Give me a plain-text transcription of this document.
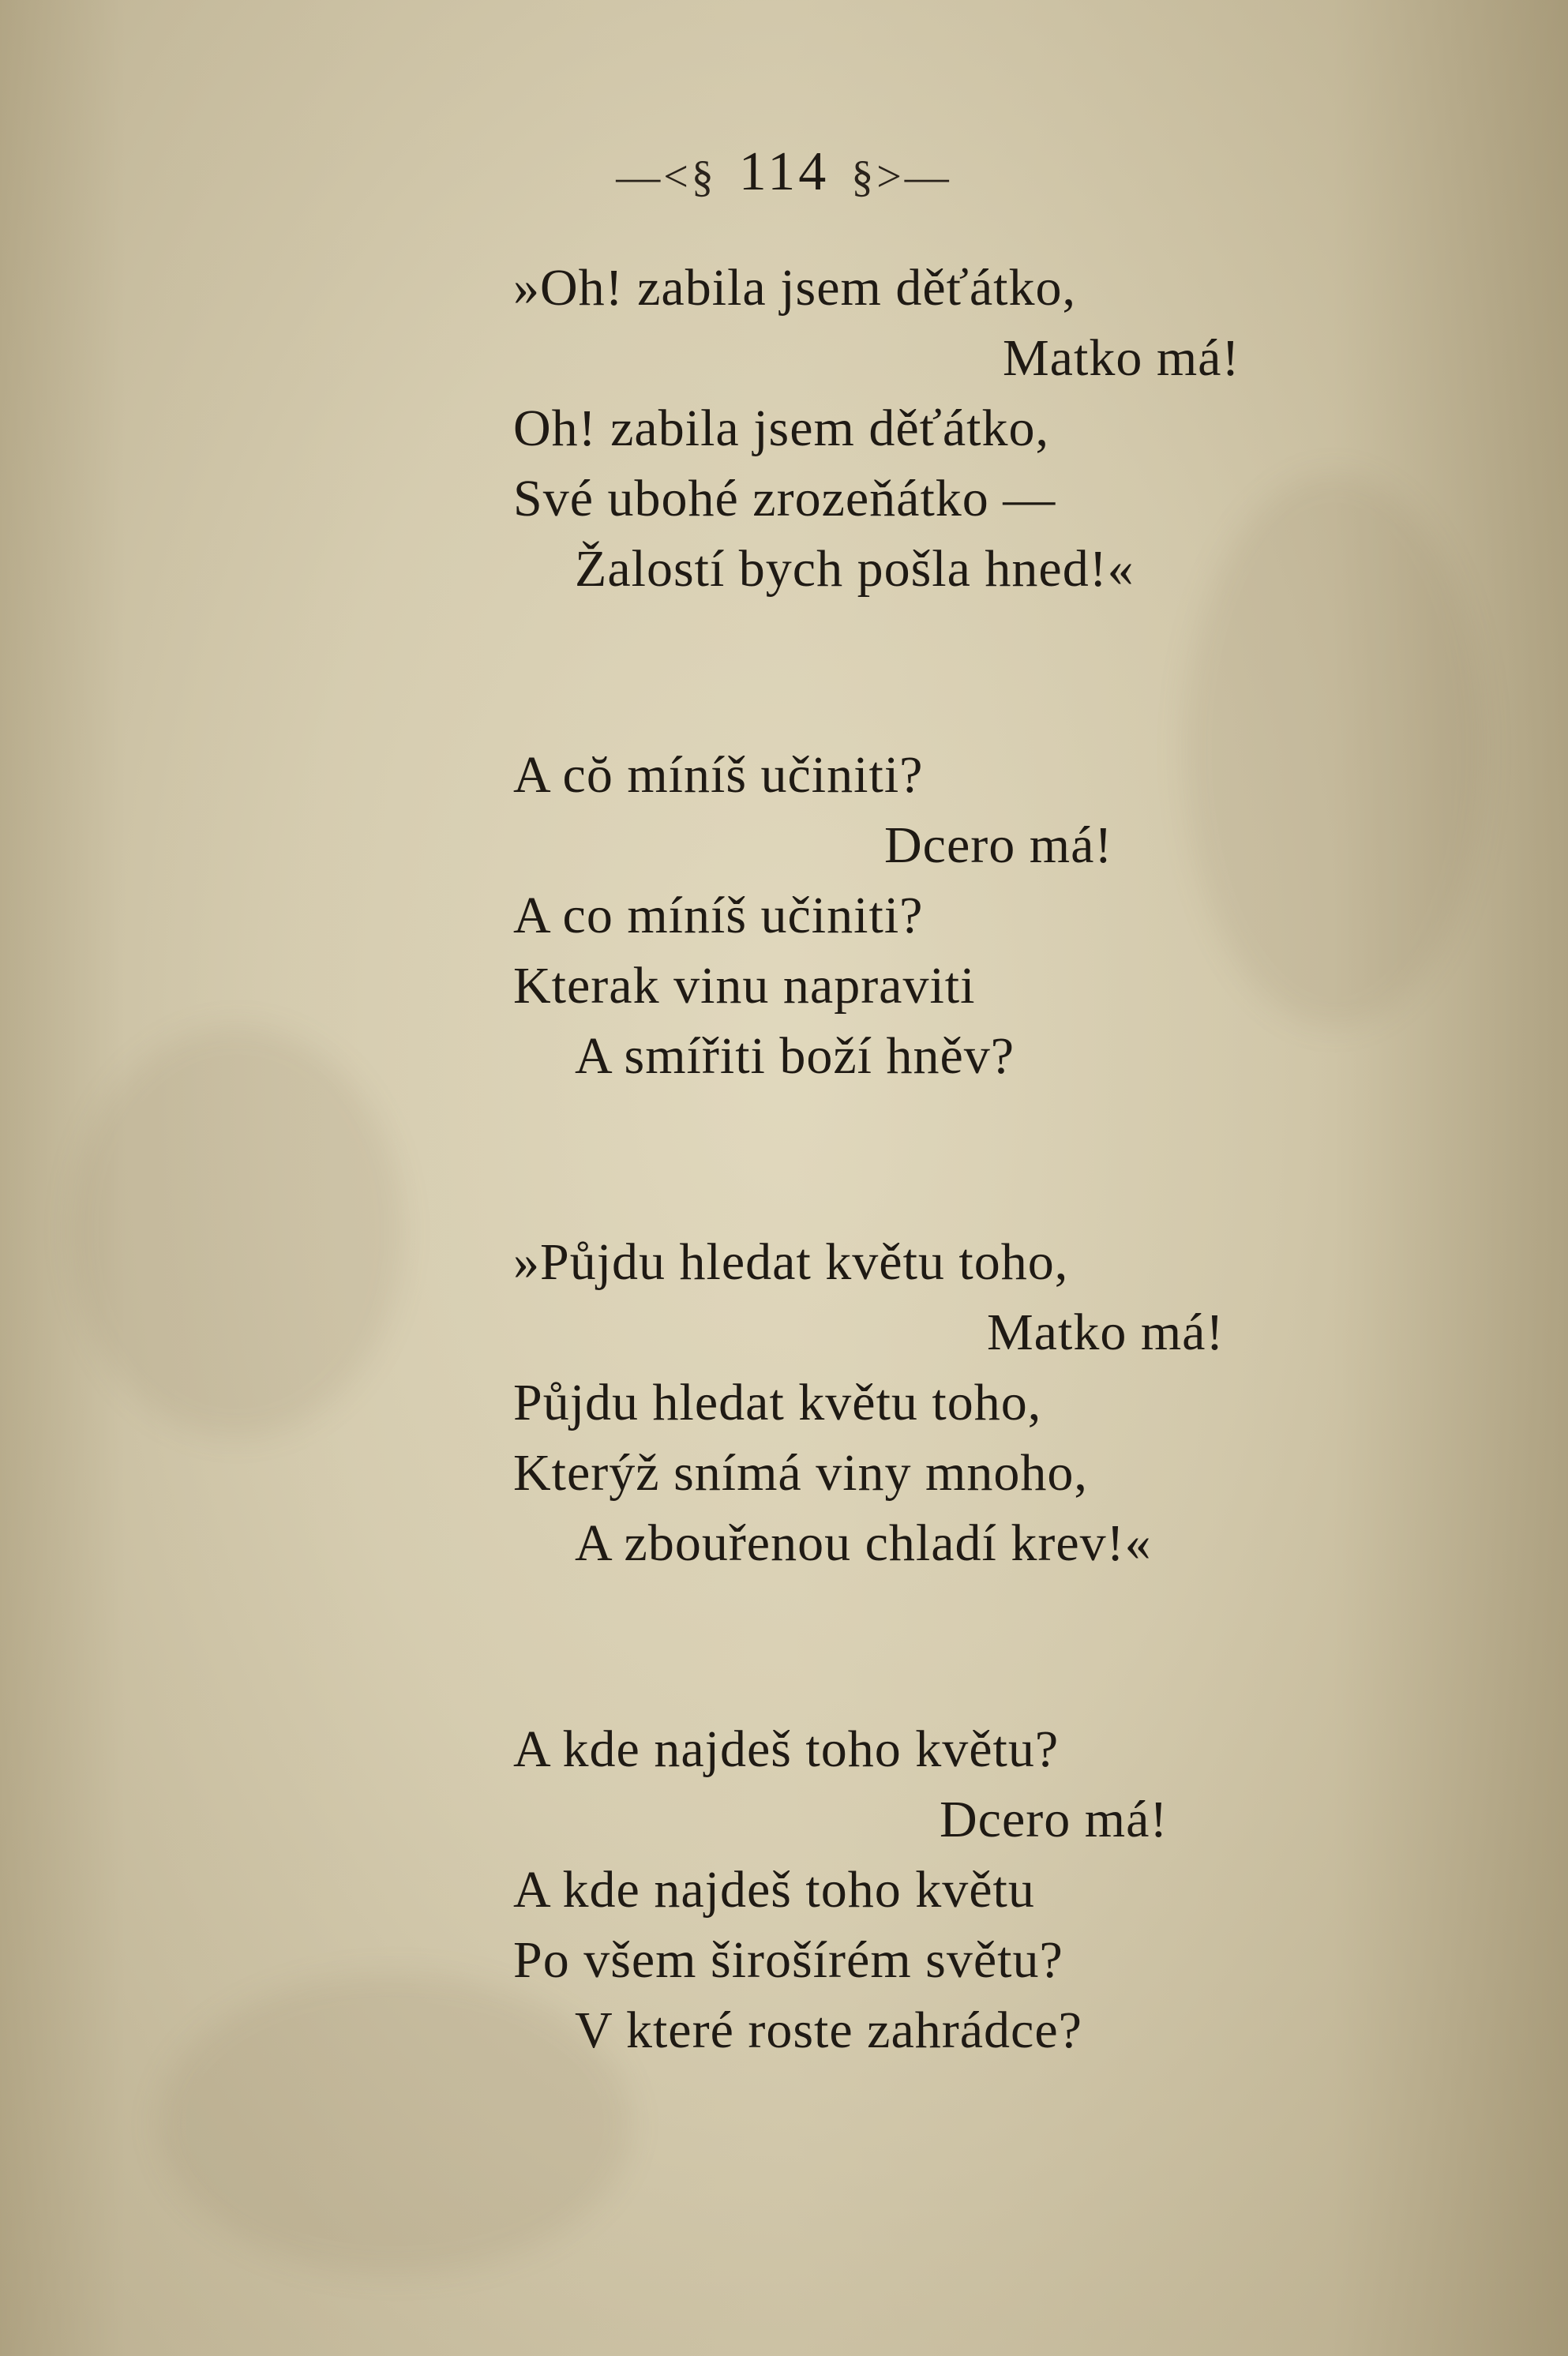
—<§ 114 §>—
»Oh! zabila jsem děťátko,
Matko má!
Oh! zabila jsem děťátko,
Své ubohé zrozeňátko —
Žalostí bych pošla hned!«
A cŏ míníš učiniti?
Dcero má!
A co míníš učiniti?
Kterak vinu napraviti
A smířiti boží hněv?
»Půjdu hledat květu toho,
Matko má!
Půjdu hledat květu toho,
Kterýž snímá viny mnoho,
A zbouřenou chladí krev!«
A kde najdeš toho květu?
Dcero má!
A kde najdeš toho květu
Po všem širošírém světu?
V které roste zahrádce?
